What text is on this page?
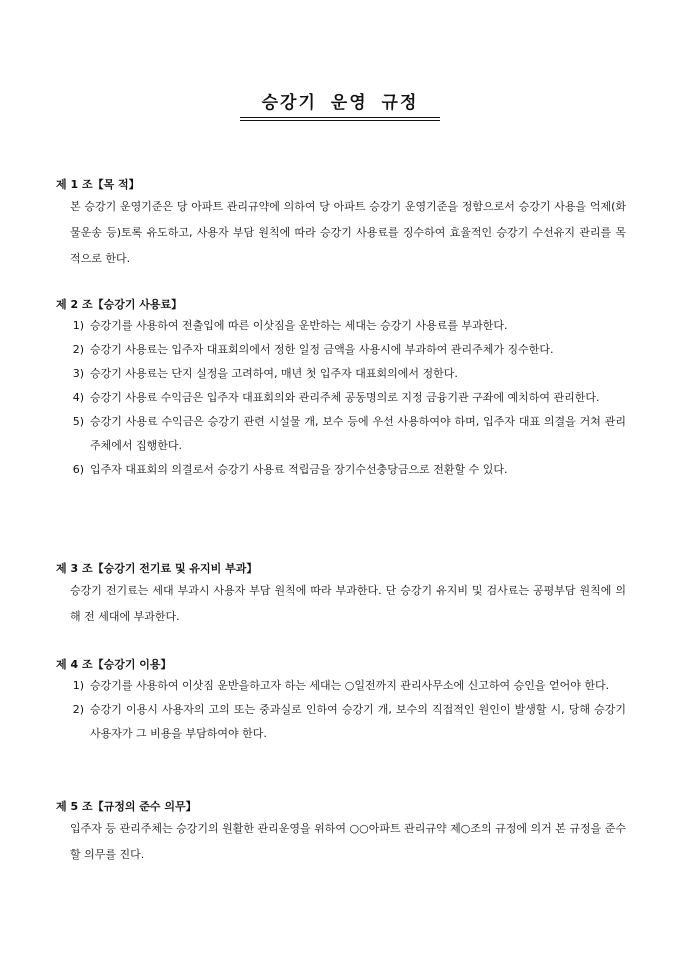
승강기 운영 규정
제 1 조【목 적】
본 승강기 운영기준은 당 아파트 관리규약에 의하여 당 아파트 승강기 운영기준을 정함으로서 승강기 사용을 억제(화물운송 등)토록 유도하고, 사용자 부담 원칙에 따라 승강기 사용료를 징수하여 효율적인 승강기 수선유지 관리를 목적으로 한다.
제 2 조【승강기 사용료】
1) 승강기를 사용하여 전출입에 따른 이삿짐을 운반하는 세대는 승강기 사용료를 부과한다.
2) 승강기 사용료는 입주자 대표회의에서 정한 일정 금액을 사용시에 부과하여 관리주체가 징수한다.
3) 승강기 사용료는 단지 실정을 고려하여, 매년 첫 입주자 대표회의에서 정한다.
4) 승강기 사용료 수익금은 입주자 대표회의와 관리주체 공동명의로 지정 금융기관 구좌에 예치하여 관리한다.
5) 승강기 사용료 수익금은 승강기 관련 시설물 개, 보수 등에 우선 사용하여야 하며, 입주자 대표 의결을 거쳐 관리주체에서 집행한다.
6) 입주자 대표회의 의결로서 승강기 사용료 적립금을 장기수선충당금으로 전환할 수 있다.
제 3 조【승강기 전기료 및 유지비 부과】
승강기 전기료는 세대 부과시 사용자 부담 원칙에 따라 부과한다. 단 승강기 유지비 및 검사료는 공평부담 원칙에 의해 전 세대에 부과한다.
제 4 조【승강기 이용】
1) 승강기를 사용하여 이삿짐 운반을하고자 하는 세대는 ○일전까지 관리사무소에 신고하여 승인을 얻어야 한다.
2) 승강기 이용시 사용자의 고의 또는 중과실로 인하여 승강기 개, 보수의 직접적인 원인이 발생할 시, 당해 승강기 사용자가 그 비용을 부담하여야 한다.
제 5 조【규정의 준수 의무】
입주자 등 관리주체는 승강기의 원활한 관리운영을 위하여 ○○아파트 관리규약 제○조의 규정에 의거 본 규정을 준수할 의무를 진다.
